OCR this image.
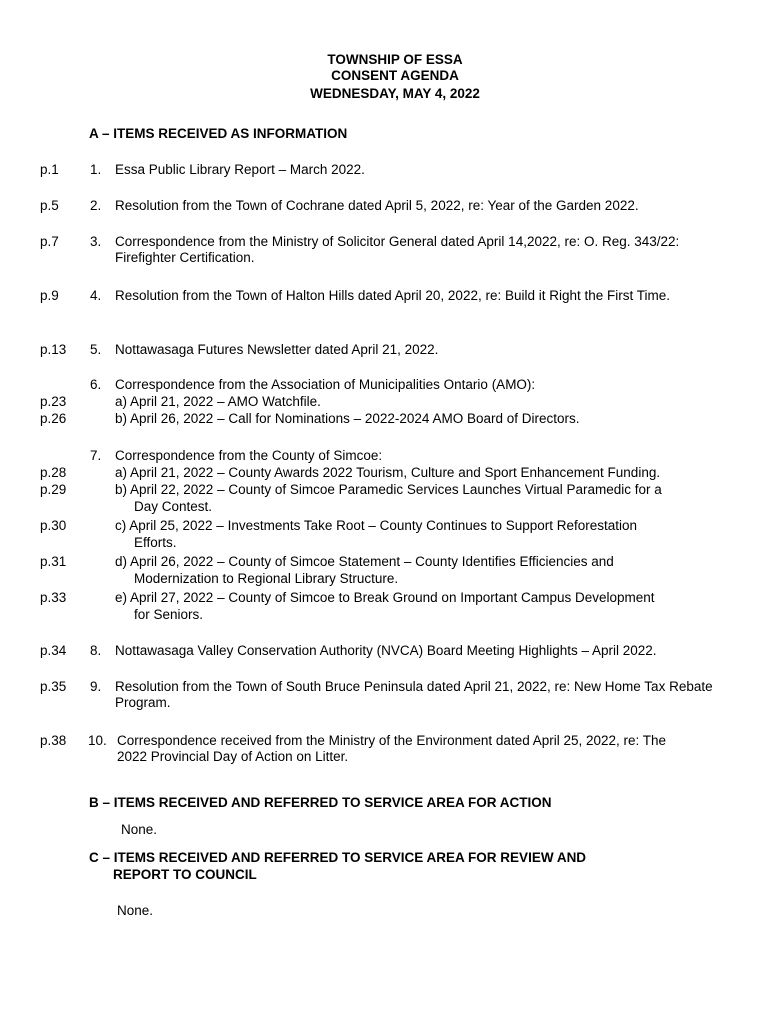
TOWNSHIP OF ESSA
CONSENT AGENDA
WEDNESDAY, MAY 4, 2022
A – ITEMS RECEIVED AS INFORMATION
p.1 1. Essa Public Library Report – March 2022.
p.5 2. Resolution from the Town of Cochrane dated April 5, 2022, re: Year of the Garden 2022.
p.7 3. Correspondence from the Ministry of Solicitor General dated April 14,2022, re: O. Reg. 343/22: Firefighter Certification.
p.9 4. Resolution from the Town of Halton Hills dated April 20, 2022, re: Build it Right the First Time.
p.13 5. Nottawasaga Futures Newsletter dated April 21, 2022.
6. Correspondence from the Association of Municipalities Ontario (AMO):
p.23	a) April 21, 2022 – AMO Watchfile.
p.26	b) April 26, 2022 – Call for Nominations – 2022-2024 AMO Board of Directors.
7. Correspondence from the County of Simcoe:
p.28	a) April 21, 2022 – County Awards 2022 Tourism, Culture and Sport Enhancement Funding.
p.29	b) April 22, 2022 – County of Simcoe Paramedic Services Launches Virtual Paramedic for a
Day Contest.
p.30	c) April 25, 2022 – Investments Take Root – County Continues to Support Reforestation
Efforts.
p.31	d) April 26, 2022 – County of Simcoe Statement – County Identifies Efficiencies and
Modernization to Regional Library Structure.
p.33	e) April 27, 2022 – County of Simcoe to Break Ground on Important Campus Development
for Seniors.
p.34 8. Nottawasaga Valley Conservation Authority (NVCA) Board Meeting Highlights – April 2022.
p.35 9. Resolution from the Town of South Bruce Peninsula dated April 21, 2022, re: New Home Tax Rebate Program.
p.38 10. Correspondence received from the Ministry of the Environment dated April 25, 2022, re: The 2022 Provincial Day of Action on Litter.
B – ITEMS RECEIVED AND REFERRED TO SERVICE AREA FOR ACTION
None.
C – ITEMS RECEIVED AND REFERRED TO SERVICE AREA FOR REVIEW AND
REPORT TO COUNCIL
None.
